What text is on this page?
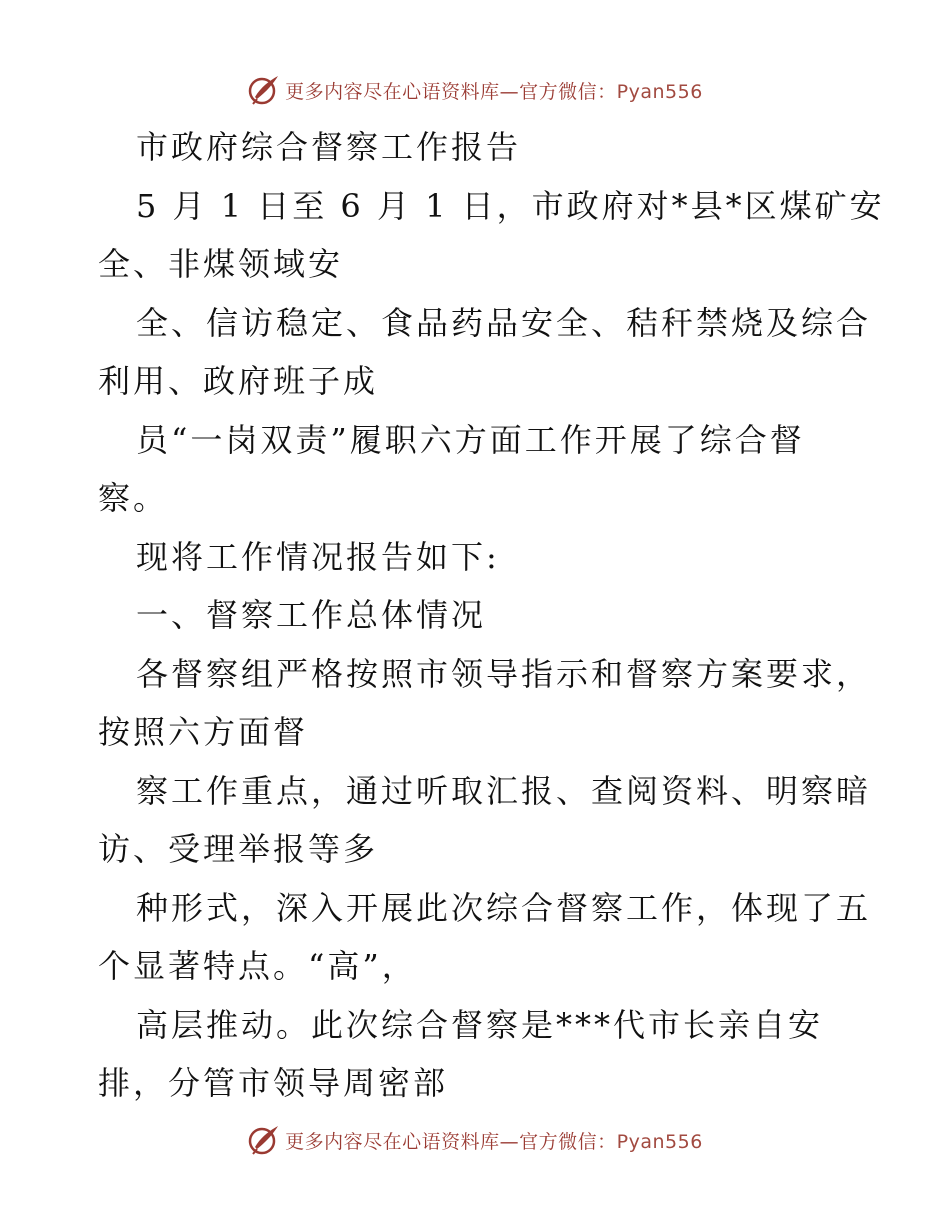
更多内容尽在心语资料库—官方微信：Pyan556
市政府综合督察工作报告
5 月 1 日至 6 月 1 日，市政府对*县*区煤矿安
全、非煤领域安
全、信访稳定、食品药品安全、秸秆禁烧及综合
利用、政府班子成
员“一岗双责”履职六方面工作开展了综合督
察。
现将工作情况报告如下:
一、督察工作总体情况
各督察组严格按照市领导指示和督察方案要求，
按照六方面督
察工作重点，通过听取汇报、查阅资料、明察暗
访、受理举报等多
种形式，深入开展此次综合督察工作，体现了五
个显著特点。“高”，
高层推动。此次综合督察是***代市长亲自安
排，分管市领导周密部
更多内容尽在心语资料库—官方微信：Pyan556
